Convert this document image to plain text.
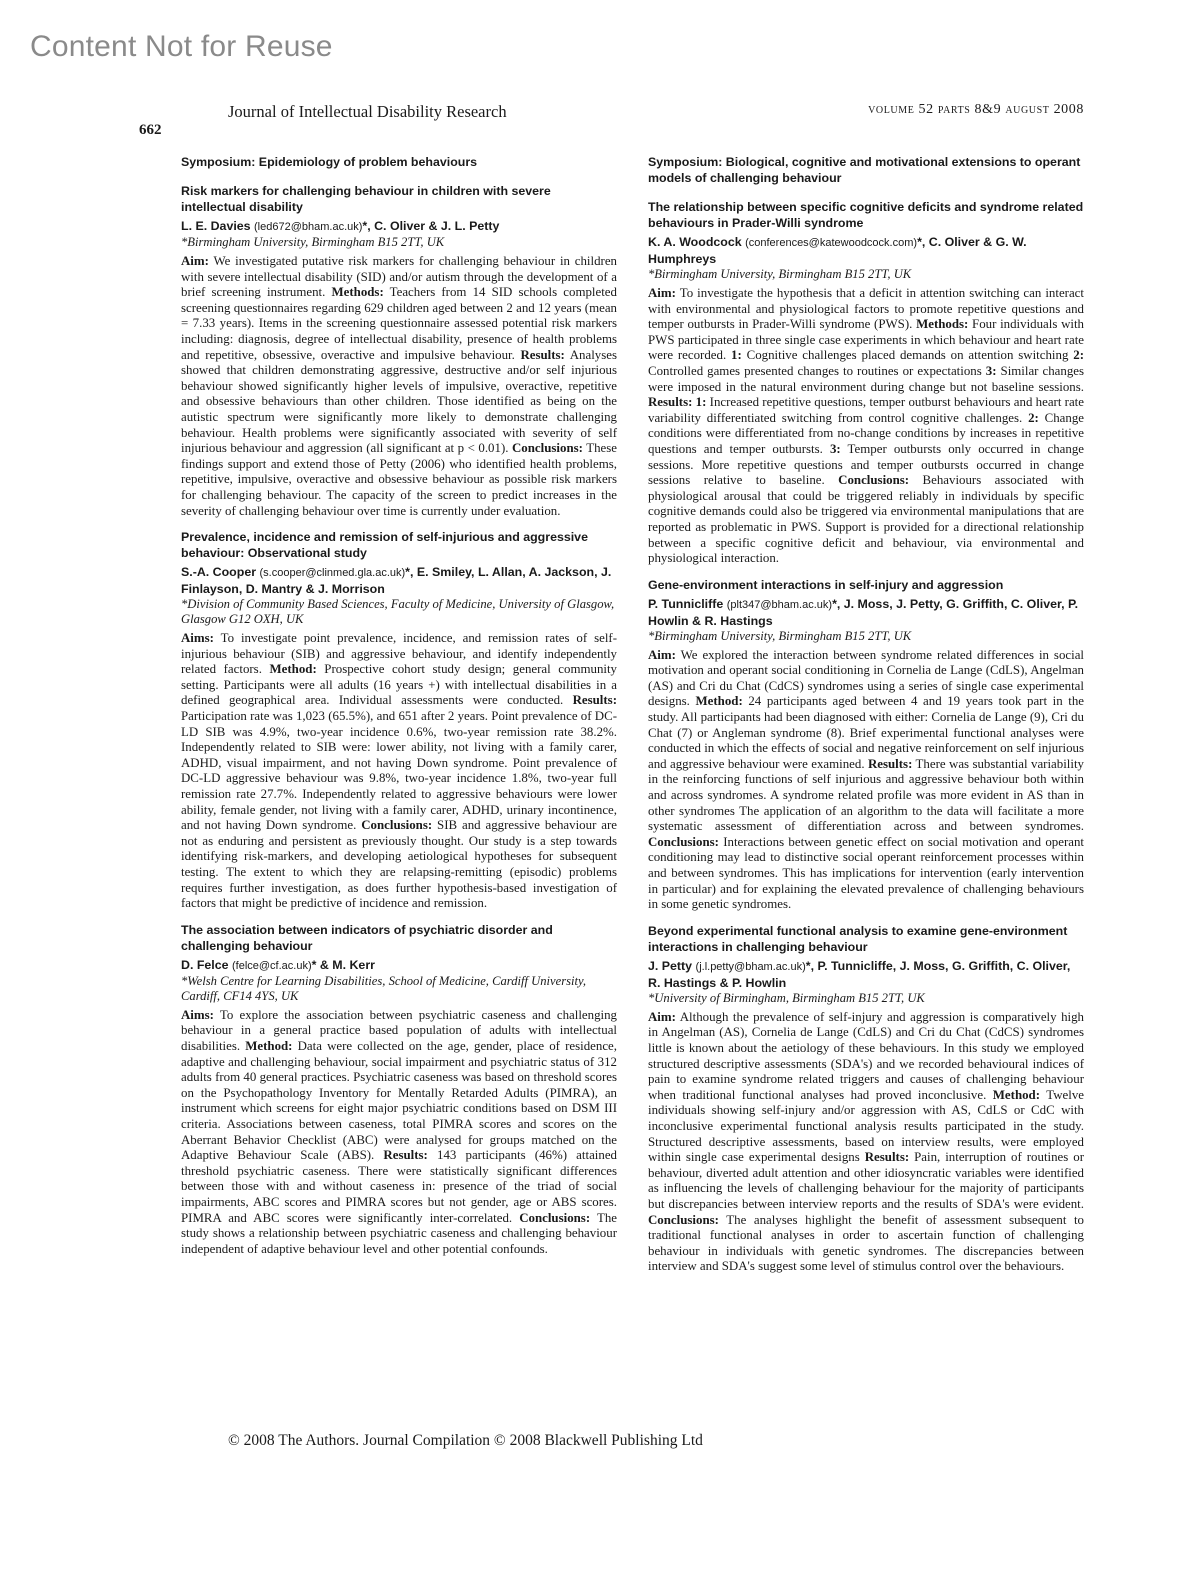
Content Not for Reuse
Journal of Intellectual Disability Research	volume 52 parts 8&9 august 2008
662
Symposium: Epidemiology of problem behaviours
Risk markers for challenging behaviour in children with severe intellectual disability
L. E. Davies (led672@bham.ac.uk)*, C. Oliver & J. L. Petty
*Birmingham University, Birmingham B15 2TT, UK

Aim: We investigated putative risk markers for challenging behaviour in children with severe intellectual disability (SID) and/or autism through the development of a brief screening instrument. Methods: Teachers from 14 SID schools completed screening questionnaires regarding 629 children aged between 2 and 12 years (mean = 7.33 years). Items in the screening questionnaire assessed potential risk markers including: diagnosis, degree of intellectual disability, presence of health problems and repetitive, obsessive, overactive and impulsive behaviour. Results: Analyses showed that children demonstrating aggressive, destructive and/or self injurious behaviour showed significantly higher levels of impulsive, overactive, repetitive and obsessive behaviours than other children. Those identified as being on the autistic spectrum were significantly more likely to demonstrate challenging behaviour. Health problems were significantly associated with severity of self injurious behaviour and aggression (all significant at p < 0.01). Conclusions: These findings support and extend those of Petty (2006) who identified health problems, repetitive, impulsive, overactive and obsessive behaviour as possible risk markers for challenging behaviour. The capacity of the screen to predict increases in the severity of challenging behaviour over time is currently under evaluation.

Prevalence, incidence and remission of self-injurious and aggressive behaviour: Observational study
S.-A. Cooper (s.cooper@clinmed.gla.ac.uk)*, E. Smiley, L. Allan, A. Jackson, J. Finlayson, D. Mantry & J. Morrison
*Division of Community Based Sciences, Faculty of Medicine, University of Glasgow, Glasgow G12 OXH, UK

Aims: To investigate point prevalence, incidence, and remission rates of self-injurious behaviour (SIB) and aggressive behaviour, and identify independently related factors. Method: Prospective cohort study design; general community setting. Participants were all adults (16 years +) with intellectual disabilities in a defined geographical area. Individual assessments were conducted. Results: Participation rate was 1,023 (65.5%), and 651 after 2 years. Point prevalence of DC-LD SIB was 4.9%, two-year incidence 0.6%, two-year remission rate 38.2%. Independently related to SIB were: lower ability, not living with a family carer, ADHD, visual impairment, and not having Down syndrome. Point prevalence of DC-LD aggressive behaviour was 9.8%, two-year incidence 1.8%, two-year full remission rate 27.7%. Independently related to aggressive behaviours were lower ability, female gender, not living with a family carer, ADHD, urinary incontinence, and not having Down syndrome. Conclusions: SIB and aggressive behaviour are not as enduring and persistent as previously thought. Our study is a step towards identifying risk-markers, and developing aetiological hypotheses for subsequent testing. The extent to which they are relapsing-remitting (episodic) problems requires further investigation, as does further hypothesis-based investigation of factors that might be predictive of incidence and remission.

The association between indicators of psychiatric disorder and challenging behaviour
D. Felce (felce@cf.ac.uk)* & M. Kerr
*Welsh Centre for Learning Disabilities, School of Medicine, Cardiff University, Cardiff, CF14 4YS, UK

Aims: To explore the association between psychiatric caseness and challenging behaviour in a general practice based population of adults with intellectual disabilities. Method: Data were collected on the age, gender, place of residence, adaptive and challenging behaviour, social impairment and psychiatric status of 312 adults from 40 general practices. Psychiatric caseness was based on threshold scores on the Psychopathology Inventory for Mentally Retarded Adults (PIMRA), an instrument which screens for eight major psychiatric conditions based on DSM III criteria. Associations between caseness, total PIMRA scores and scores on the Aberrant Behavior Checklist (ABC) were analysed for groups matched on the Adaptive Behaviour Scale (ABS). Results: 143 participants (46%) attained threshold psychiatric caseness. There were statistically significant differences between those with and without caseness in: presence of the triad of social impairments, ABC scores and PIMRA scores but not gender, age or ABS scores. PIMRA and ABC scores were significantly inter-correlated. Conclusions: The study shows a relationship between psychiatric caseness and challenging behaviour independent of adaptive behaviour level and other potential confounds.

Symposium: Biological, cognitive and motivational extensions to operant models of challenging behaviour
The relationship between specific cognitive deficits and syndrome related behaviours in Prader-Willi syndrome
K. A. Woodcock (conferences@katewoodcock.com)*, C. Oliver & G. W. Humphreys
*Birmingham University, Birmingham B15 2TT, UK

Aim: To investigate the hypothesis that a deficit in attention switching can interact with environmental and physiological factors to promote repetitive questions and temper outbursts in Prader-Willi syndrome (PWS). Methods: Four individuals with PWS participated in three single case experiments in which behaviour and heart rate were recorded. 1: Cognitive challenges placed demands on attention switching 2: Controlled games presented changes to routines or expectations 3: Similar changes were imposed in the natural environment during change but not baseline sessions. Results: 1: Increased repetitive questions, temper outburst behaviours and heart rate variability differentiated switching from control cognitive challenges. 2: Change conditions were differentiated from no-change conditions by increases in repetitive questions and temper outbursts. 3: Temper outbursts only occurred in change sessions. More repetitive questions and temper outbursts occurred in change sessions relative to baseline. Conclusions: Behaviours associated with physiological arousal that could be triggered reliably in individuals by specific cognitive demands could also be triggered via environmental manipulations that are reported as problematic in PWS. Support is provided for a directional relationship between a specific cognitive deficit and behaviour, via environmental and physiological interaction.

Gene-environment interactions in self-injury and aggression
P. Tunnicliffe (plt347@bham.ac.uk)*, J. Moss, J. Petty, G. Griffith, C. Oliver, P. Howlin & R. Hastings
*Birmingham University, Birmingham B15 2TT, UK

Aim: We explored the interaction between syndrome related differences in social motivation and operant social conditioning in Cornelia de Lange (CdLS), Angelman (AS) and Cri du Chat (CdCS) syndromes using a series of single case experimental designs. Method: 24 participants aged between 4 and 19 years took part in the study. All participants had been diagnosed with either: Cornelia de Lange (9), Cri du Chat (7) or Angleman syndrome (8). Brief experimental functional analyses were conducted in which the effects of social and negative reinforcement on self injurious and aggressive behaviour were examined. Results: There was substantial variability in the reinforcing functions of self injurious and aggressive behaviour both within and across syndromes. A syndrome related profile was more evident in AS than in other syndromes The application of an algorithm to the data will facilitate a more systematic assessment of differentiation across and between syndromes. Conclusions: Interactions between genetic effect on social motivation and operant conditioning may lead to distinctive social operant reinforcement processes within and between syndromes. This has implications for intervention (early intervention in particular) and for explaining the elevated prevalence of challenging behaviours in some genetic syndromes.

Beyond experimental functional analysis to examine gene-environment interactions in challenging behaviour
J. Petty (j.l.petty@bham.ac.uk)*, P. Tunnicliffe, J. Moss, G. Griffith, C. Oliver, R. Hastings & P. Howlin
*University of Birmingham, Birmingham B15 2TT, UK

Aim: Although the prevalence of self-injury and aggression is comparatively high in Angelman (AS), Cornelia de Lange (CdLS) and Cri du Chat (CdCS) syndromes little is known about the aetiology of these behaviours. In this study we employed structured descriptive assessments (SDA's) and we recorded behavioural indices of pain to examine syndrome related triggers and causes of challenging behaviour when traditional functional analyses had proved inconclusive. Method: Twelve individuals showing self-injury and/or aggression with AS, CdLS or CdC with inconclusive experimental functional analysis results participated in the study. Structured descriptive assessments, based on interview results, were employed within single case experimental designs Results: Pain, interruption of routines or behaviour, diverted adult attention and other idiosyncratic variables were identified as influencing the levels of challenging behaviour for the majority of participants but discrepancies between interview reports and the results of SDA's were evident. Conclusions: The analyses highlight the benefit of assessment subsequent to traditional functional analyses in order to ascertain function of challenging behaviour in individuals with genetic syndromes. The discrepancies between interview and SDA's suggest some level of stimulus control over the behaviours.

© 2008 The Authors. Journal Compilation © 2008 Blackwell Publishing Ltd
